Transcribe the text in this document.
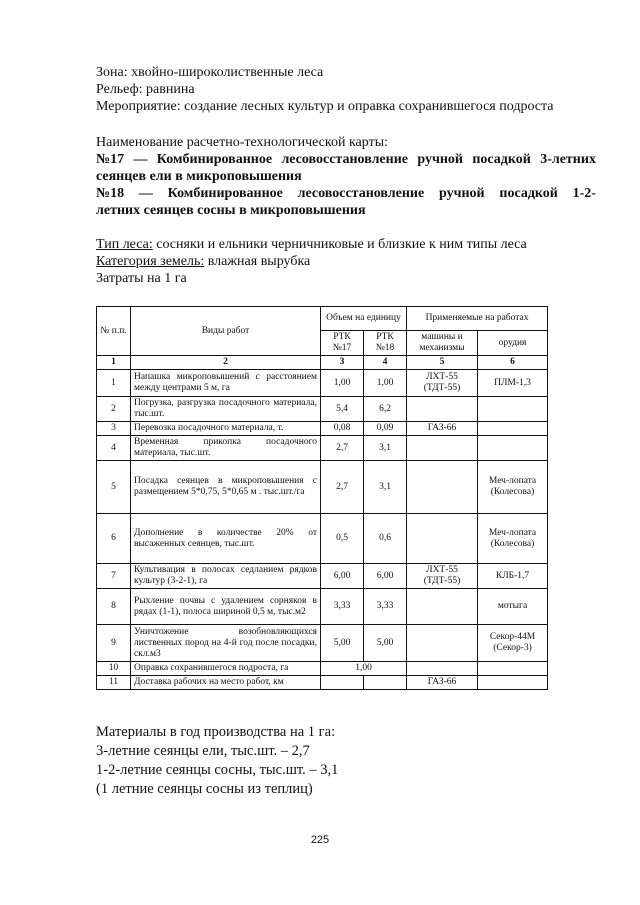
Зона: хвойно-широколиственные леса
Рельеф: равнина
Мероприятие: создание лесных культур и оправка сохранившегося подроста
Наименование расчетно-технологической карты:
№17 — Комбинированное лесовосстановление ручной посадкой 3-летних
сеянцев ели в микроповышения
№18 — Комбинированное лесовосстановление ручной посадкой 1-2-
летних сеянцев сосны в микроповышения
Тип леса: сосняки и ельники черничниковые и близкие к ним типы леса
Категория земель: влажная вырубка
Затраты на 1 га
№ п.п.	Виды работ	Объем на единицу		Применяемые на работах	
		РТК №17	РТК №18	машины и механизмы	орудия
1	2	3	4	5	6
1	Напашка микроповышений с расстоянием между центрами 5 м, га	1,00	1,00	ЛХТ-55 (ТДТ-55)	ПЛМ-1,3
2	Погрузка, разгрузка посадочного материала, тыс.шт.	5,4	6,2		
3	Перевозка посадочного материала, т.	0,08	0,09	ГАЗ-66	
4	Временная прикопка посадочного материала, тыс.шт.	2,7	3,1		
5	Посадка сеянцев в микроповышения с размещением 5*0,75, 5*0,65 м . тыс.шт./га	2,7	3,1		Меч-лопата (Колесова)
6	Дополнение в количестве 20% от высаженных сеянцев, тыс.шт.	0,5	0,6		Меч-лопата (Колесова)
7	Культивация в полосах седланием рядков культур (3-2-1), га	6,00	6,00	ЛХТ-55 (ТДТ-55)	КЛБ-1,7
8	Рыхление почвы с удалением сорняков в рядах (1-1), полоса шириной 0,5 м, тыс.м2	3,33	3,33		мотыга
9	Уничтожение возобновляющихся лиственных пород на 4-й год после посадки, скл.м3	5,00	5,00		Секор-44М (Секор-3)
10	Оправка сохранившегося подроста, га	1,00			
11	Доставка рабочих на место работ, км			ГАЗ-66	
Материалы в год производства на 1 га:
3-летние сеянцы ели, тыс.шт. – 2,7
1-2-летние сеянцы сосны, тыс.шт. – 3,1
(1 летние сеянцы сосны из теплиц)
225
